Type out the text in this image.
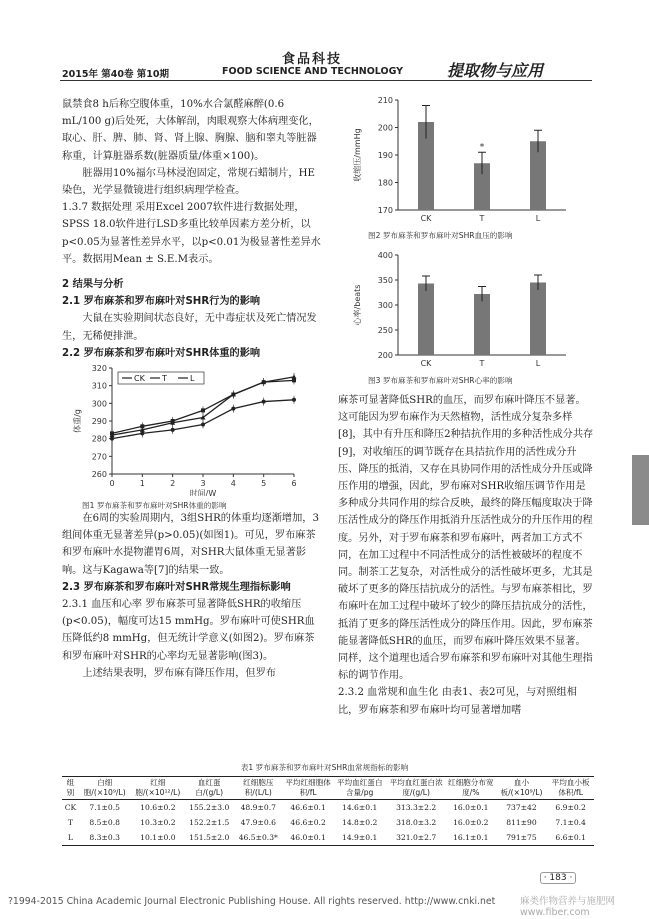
食品科技
FOOD SCIENCE AND TECHNOLOGY
2015年 第40卷 第10期	提取物与应用

鼠禁食8 h后称空腹体重，10%水合氯醛麻醉(0.6 mL/100 g)后处死，大体解剖，肉眼观察大体病理变化，取心、肝、脾、肺、肾、肾上腺、胸腺、脑和睾丸等脏器称重，计算脏器系数(脏器质量/体重×100)。

脏器用10%福尔马林浸泡固定，常规石蜡制片，HE染色，光学显微镜进行组织病理学检查。

1.3.7 数据处理 采用Excel 2007软件进行数据处理，SPSS 18.0软件进行LSD多重比较单因素方差分析，以p<0.05为显著性差异水平，以p<0.01为极显著性差异水平。数据用Mean ± S.E.M表示。

2 结果与分析

2.1 罗布麻茶和罗布麻叶对SHR行为的影响

大鼠在实验期间状态良好，无中毒症状及死亡情况发生，无稀便排泄。

2.2 罗布麻茶和罗布麻叶对SHR体重的影响

260
270
280
290
300
310
320
0	1	2	3	4	5	6
时间/W
体重/g
CK T	L
图1 罗布麻茶和罗布麻叶对SHR体重的影响

在6周的实验周期内，3组SHR的体重均逐渐增加，3组间体重无显著差异(p>0.05)(如图1)。可见，罗布麻茶和罗布麻叶水提物灌胃6周，对SHR大鼠体重无显著影响。这与Kagawa等[7]的结果一致。

2.3 罗布麻茶和罗布麻叶对SHR常规生理指标影响

2.3.1 血压和心率 罗布麻茶可显著降低SHR的收缩压(p<0.05)，幅度可达15 mmHg。罗布麻叶可使SHR血压降低约8 mmHg，但无统计学意义(如图2)。罗布麻茶和罗布麻叶对SHR的心率均无显著影响(图3)。

上述结果表明，罗布麻有降压作用，但罗布

170
180
190
200
210
收缩压/mmHg
CK	T
*
L
图2 罗布麻茶和罗布麻叶对SHR血压的影响
200
250
300
350
400
心率/beats
CK	T	L
图3 罗布麻茶和罗布麻叶对SHR心率的影响

麻茶可显著降低SHR的血压，而罗布麻叶降压不显著。这可能因为罗布麻作为天然植物，活性成分复杂多样[8]，其中有升压和降压2种拮抗作用的多种活性成分共存[9]，对收缩压的调节既存在具拮抗作用的活性成分升压、降压的抵消，又存在具协同作用的活性成分升压或降压作用的增强，因此，罗布麻对SHR收缩压调节作用是多种成分共同作用的综合反映，最终的降压幅度取决于降压活性成分的降压作用抵消升压活性成分的升压作用的程度。另外，对于罗布麻茶和罗布麻叶，两者加工方式不同，在加工过程中不同活性成分的活性被破坏的程度不同。制茶工艺复杂，对活性成分的活性破坏更多，尤其是破坏了更多的降压拮抗成分的活性。与罗布麻茶相比，罗布麻叶在加工过程中破坏了较少的降压拮抗成分的活性，抵消了更多的降压活性成分的降压作用。因此，罗布麻茶能显著降低SHR的血压，而罗布麻叶降压效果不显著。同样，这个道理也适合罗布麻茶和罗布麻叶对其他生理指标的调节作用。

2.3.2 血常规和血生化 由表1、表2可见，与对照组相比，罗布麻茶和罗布麻叶均可显著增加嗜

表1 罗布麻茶和罗布麻叶对SHR血常规指标的影响
组别	白细胞/(×10⁹/L)	红细胞/(×10¹²/L)	血红蛋白/(g/L)	红细胞压积/(L/L)	平均红细胞体积/fL	平均血红蛋白含量/pg	平均血红蛋白浓度/(g/L)	红细胞分布宽度/%	血小板/(×10⁹/L)	平均血小板体积/fL
CK	7.1±0.5	10.6±0.2	155.2±3.0	48.9±0.7	46.6±0.1	14.6±0.1	313.3±2.2	16.0±0.1	737±42	6.9±0.2
T	8.5±0.8	10.3±0.2	152.2±1.5	47.9±0.6	46.6±0.2	14.8±0.2	318.0±3.2	16.0±0.2	811±90	7.1±0.4
L	8.3±0.3	10.1±0.0	151.5±2.0	46.5±0.3*	46.0±0.1	14.9±0.1	321.0±2.7	16.1±0.1	791±75	6.6±0.1
· 183 ·
?1994-2015 China Academic Journal Electronic Publishing House. All rights reserved. http://www.cnki.net	麻类作物营养与施肥网 www.fiber.com
